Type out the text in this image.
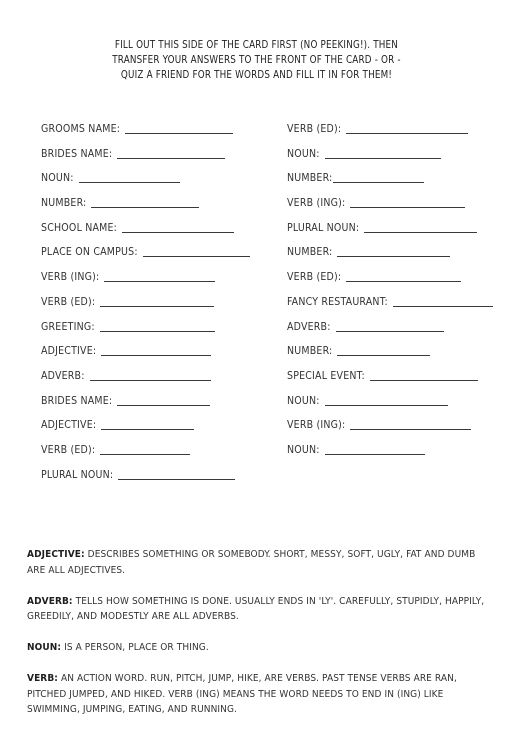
FILL OUT THIS SIDE OF THE CARD FIRST (NO PEEKING!). THEN
TRANSFER YOUR ANSWERS TO THE FRONT OF THE CARD - OR -
QUIZ A FRIEND FOR THE WORDS AND FILL IT IN FOR THEM!
GROOMS NAME:
BRIDES NAME:
NOUN:
NUMBER:
SCHOOL NAME:
PLACE ON CAMPUS:
VERB (ING):
VERB (ED):
GREETING:
ADJECTIVE:
ADVERB:
BRIDES NAME:
ADJECTIVE:
VERB (ED):
PLURAL NOUN:
VERB (ED):
NOUN:
NUMBER:
VERB (ING):
PLURAL NOUN:
NUMBER:
VERB (ED):
FANCY RESTAURANT:
ADVERB:
NUMBER:
SPECIAL EVENT:
NOUN:
VERB (ING):
NOUN:
ADJECTIVE: DESCRIBES SOMETHING OR SOMEBODY. SHORT, MESSY, SOFT, UGLY, FAT AND DUMB ARE ALL ADJECTIVES.
ADVERB: TELLS HOW SOMETHING IS DONE. USUALLY ENDS IN 'LY'. CAREFULLY, STUPIDLY, HAPPILY, GREEDILY, AND MODESTLY ARE ALL ADVERBS.
NOUN: IS A PERSON, PLACE OR THING.
VERB: AN ACTION WORD. RUN, PITCH, JUMP, HIKE, ARE VERBS. PAST TENSE VERBS ARE RAN, PITCHED JUMPED, AND HIKED. VERB (ING) MEANS THE WORD NEEDS TO END IN (ING) LIKE SWIMMING, JUMPING, EATING, AND RUNNING.
